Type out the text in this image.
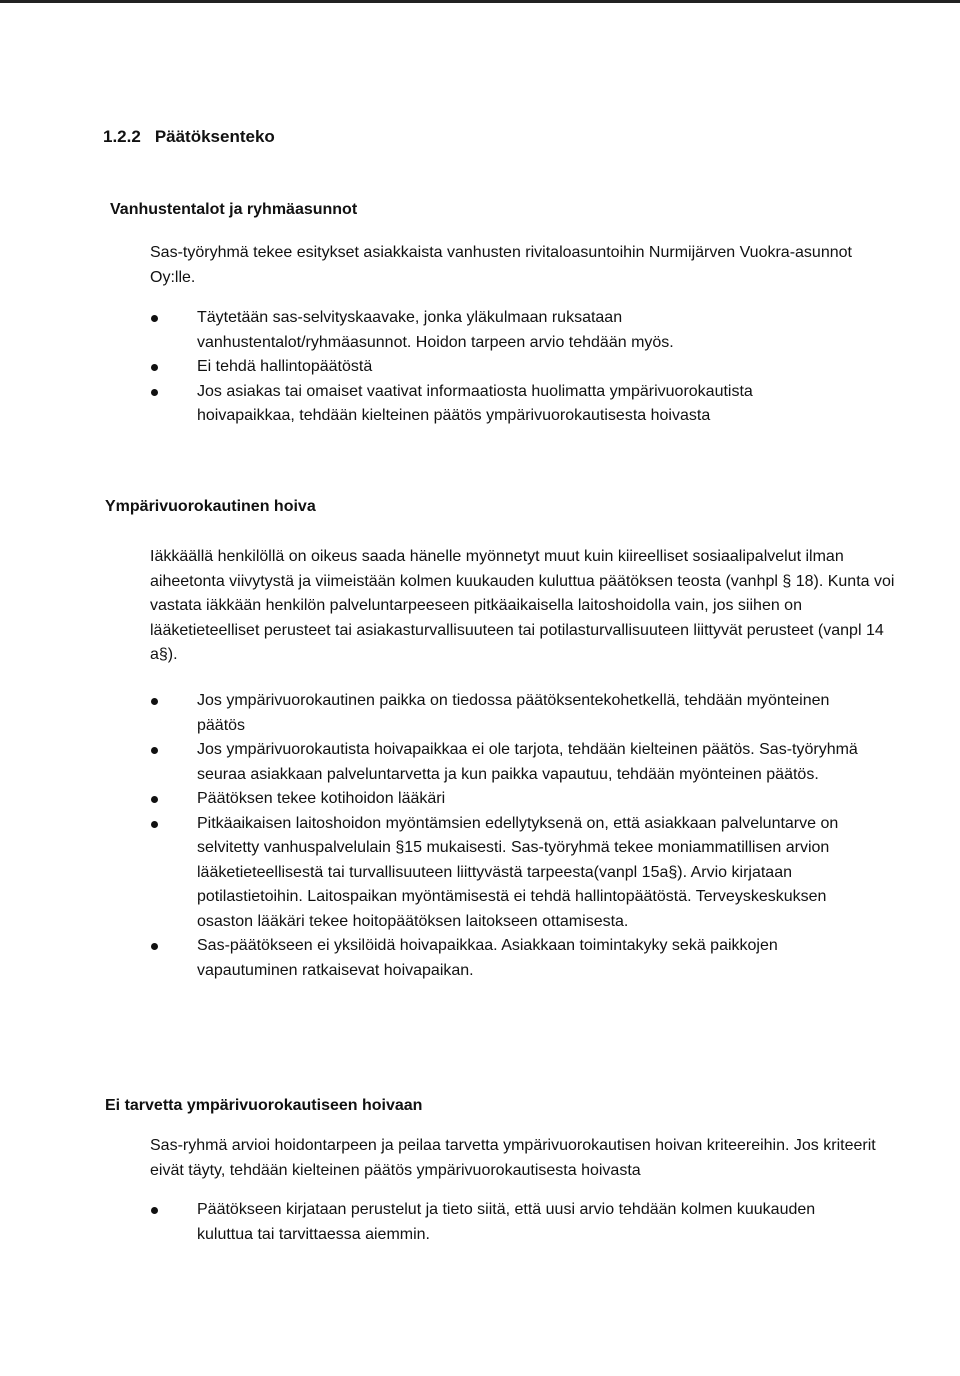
1.2.2 Päätöksenteko
Vanhustentalot ja ryhmäasunnot

Sas-työryhmä tekee esitykset asiakkaista vanhusten rivitaloasuntoihin Nurmijärven Vuokra-asunnot Oy:lle.

Täytetään sas-selvityskaavake, jonka yläkulmaan ruksataan vanhustentalot/ryhmäasunnot. Hoidon tarpeen arvio tehdään myös.
Ei tehdä hallintopäätöstä
Jos asiakas tai omaiset vaativat informaatiosta huolimatta ympärivuorokautista hoivapaikkaa, tehdään kielteinen päätös ympärivuorokautisesta hoivasta
Ympärivuorokautinen hoiva

Iäkkäällä henkilöllä on oikeus saada hänelle myönnetyt muut kuin kiireelliset sosiaalipalvelut ilman aiheetonta viivytystä ja viimeistään kolmen kuukauden kuluttua päätöksen teosta (vanhpl § 18). Kunta voi vastata iäkkään henkilön palveluntarpeeseen pitkäaikaisella laitoshoidolla vain, jos siihen on lääketieteelliset perusteet tai asiakasturvallisuuteen tai potilasturvallisuuteen liittyvät perusteet (vanpl 14 a§).

Jos ympärivuorokautinen paikka on tiedossa päätöksentekohetkellä, tehdään myönteinen päätös
Jos ympärivuorokautista hoivapaikkaa ei ole tarjota, tehdään kielteinen päätös. Sas-työryhmä seuraa asiakkaan palveluntarvetta ja kun paikka vapautuu, tehdään myönteinen päätös.
Päätöksen tekee kotihoidon lääkäri
Pitkäaikaisen laitoshoidon myöntämsien edellytyksenä on, että asiakkaan palveluntarve on selvitetty vanhuspalvelulain §15 mukaisesti. Sas-työryhmä tekee moniammatillisen arvion lääketieteellisestä tai turvallisuuteen liittyvästä tarpeesta(vanpl 15a§). Arvio kirjataan potilastietoihin. Laitospaikan myöntämisestä ei tehdä hallintopäätöstä. Terveyskeskuksen osaston lääkäri tekee hoitopäätöksen laitokseen ottamisesta.
Sas-päätökseen ei yksilöidä hoivapaikkaa. Asiakkaan toimintakyky sekä paikkojen vapautuminen ratkaisevat hoivapaikan.
Ei tarvetta ympärivuorokautiseen hoivaan

Sas-ryhmä arvioi hoidontarpeen ja peilaa tarvetta ympärivuorokautisen hoivan kriteereihin. Jos kriteerit eivät täyty, tehdään kielteinen päätös ympärivuorokautisesta hoivasta

Päätökseen kirjataan perustelut ja tieto siitä, että uusi arvio tehdään kolmen kuukauden kuluttua tai tarvittaessa aiemmin.
